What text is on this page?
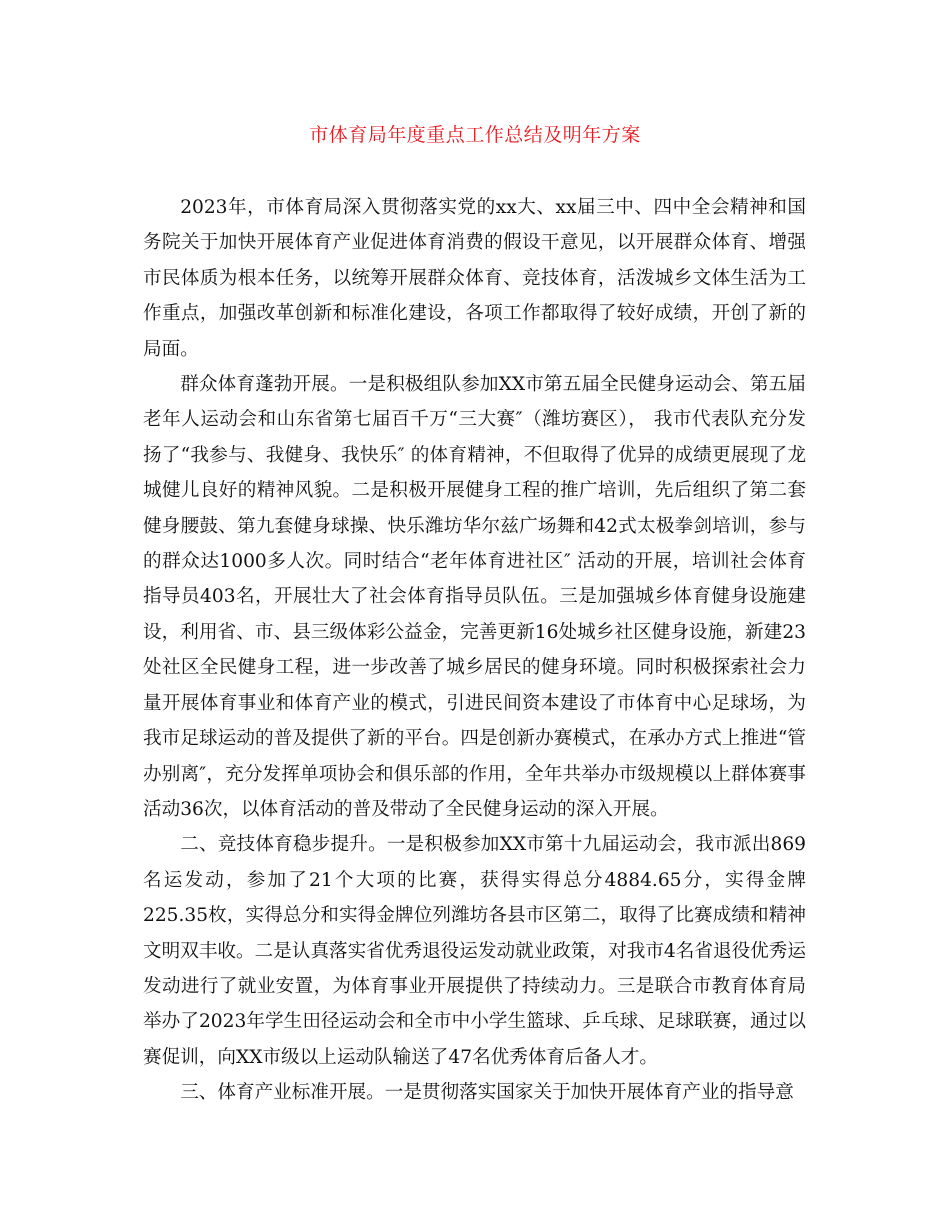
市体育局年度重点工作总结及明年方案

2023年，市体育局深入贯彻落实党的xx大、xx届三中、四中全会精神和国务院关于加快开展体育产业促进体育消费的假设干意见，以开展群众体育、增强市民体质为根本任务，以统筹开展群众体育、竞技体育，活泼城乡文体生活为工作重点，加强改革创新和标准化建设，各项工作都取得了较好成绩，开创了新的局面。

群众体育蓬勃开展。一是积极组队参加XX市第五届全民健身运动会、第五届老年人运动会和山东省第七届百千万“三大赛″（潍坊赛区）， 我市代表队充分发扬了“我参与、我健身、我快乐″ 的体育精神，不但取得了优异的成绩更展现了龙城健儿良好的精神风貌。二是积极开展健身工程的推广培训，先后组织了第二套健身腰鼓、第九套健身球操、快乐潍坊华尔兹广场舞和42式太极拳剑培训，参与的群众达1000多人次。同时结合“老年体育进社区″ 活动的开展，培训社会体育指导员403名，开展壮大了社会体育指导员队伍。三是加强城乡体育健身设施建设，利用省、市、县三级体彩公益金，完善更新16处城乡社区健身设施，新建23处社区全民健身工程，进一步改善了城乡居民的健身环境。同时积极探索社会力量开展体育事业和体育产业的模式，引进民间资本建设了市体育中心足球场，为我市足球运动的普及提供了新的平台。四是创新办赛模式，在承办方式上推进“管办别离″，充分发挥单项协会和俱乐部的作用，全年共举办市级规模以上群体赛事活动36次，以体育活动的普及带动了全民健身运动的深入开展。

二、竞技体育稳步提升。一是积极参加XX市第十九届运动会，我市派出869名运发动，参加了21个大项的比赛，获得实得总分4884.65分，实得金牌225.35枚，实得总分和实得金牌位列潍坊各县市区第二，取得了比赛成绩和精神文明双丰收。二是认真落实省优秀退役运发动就业政策，对我市4名省退役优秀运发动进行了就业安置，为体育事业开展提供了持续动力。三是联合市教育体育局举办了2023年学生田径运动会和全市中小学生篮球、乒乓球、足球联赛，通过以赛促训，向XX市级以上运动队输送了47名优秀体育后备人才。

三、体育产业标准开展。一是贯彻落实国家关于加快开展体育产业的指导意
